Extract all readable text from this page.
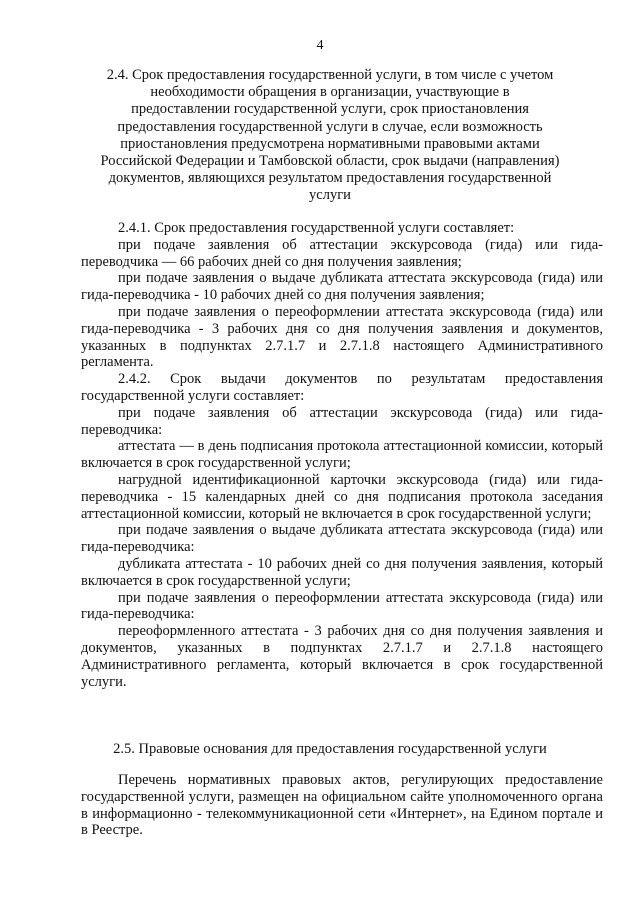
4
2.4. Срок предоставления государственной услуги, в том числе с учетом необходимости обращения в организации, участвующие в предоставлении государственной услуги, срок приостановления предоставления государственной услуги в случае, если возможность приостановления предусмотрена нормативными правовыми актами Российской Федерации и Тамбовской области, срок выдачи (направления) документов, являющихся результатом предоставления государственной услуги

2.4.1. Срок предоставления государственной услуги составляет:

при подаче заявления об аттестации экскурсовода (гида) или гида-переводчика — 66 рабочих дней со дня получения заявления;

при подаче заявления о выдаче дубликата аттестата экскурсовода (гида) или гида-переводчика - 10 рабочих дней со дня получения заявления;

при подаче заявления о переоформлении аттестата экскурсовода (гида) или гида-переводчика - 3 рабочих дня со дня получения заявления и документов, указанных в подпунктах 2.7.1.7 и 2.7.1.8 настоящего Административного регламента.

2.4.2. Срок выдачи документов по результатам предоставления государственной услуги составляет:

при подаче заявления об аттестации экскурсовода (гида) или гида-переводчика:

аттестата — в день подписания протокола аттестационной комиссии, который включается в срок государственной услуги;

нагрудной идентификационной карточки экскурсовода (гида) или гида-переводчика - 15 календарных дней со дня подписания протокола заседания аттестационной комиссии, который не включается в срок государственной услуги;

при подаче заявления о выдаче дубликата аттестата экскурсовода (гида) или гида-переводчика:

дубликата аттестата - 10 рабочих дней со дня получения заявления, который включается в срок государственной услуги;

при подаче заявления о переоформлении аттестата экскурсовода (гида) или гида-переводчика:

переоформленного аттестата - 3 рабочих дня со дня получения заявления и документов, указанных в подпунктах 2.7.1.7 и 2.7.1.8 настоящего Административного регламента, который включается в срок государственной услуги.

2.5. Правовые основания для предоставления государственной услуги

Перечень нормативных правовых актов, регулирующих предоставление государственной услуги, размещен на официальном сайте уполномоченного органа в информационно - телекоммуникационной сети «Интернет», на Едином портале и в Реестре.
